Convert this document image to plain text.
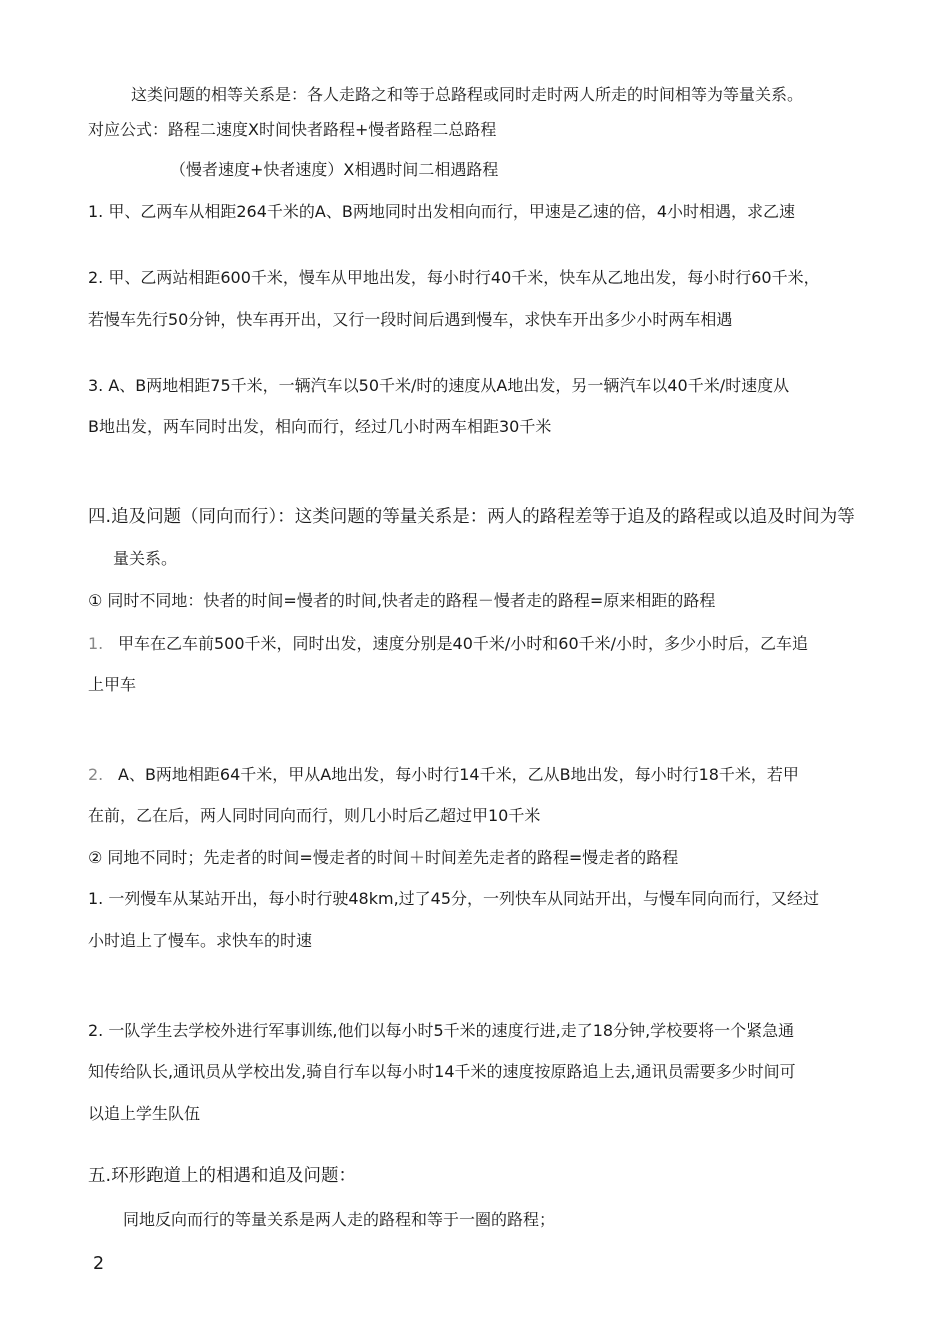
这类问题的相等关系是：各人走路之和等于总路程或同时走时两人所走的时间相等为等量关系。
对应公式：路程二速度X时间快者路程+慢者路程二总路程
（慢者速度+快者速度）X相遇时间二相遇路程
1. 甲、乙两车从相距264千米的A、B两地同时出发相向而行，甲速是乙速的倍，4小时相遇，求乙速
2. 甲、乙两站相距600千米，慢车从甲地出发，每小时行40千米，快车从乙地出发，每小时行60千米，
若慢车先行50分钟，快车再开出，又行一段时间后遇到慢车，求快车开出多少小时两车相遇
3. A、B两地相距75千米，一辆汽车以50千米/时的速度从A地出发，另一辆汽车以40千米/时速度从
B地出发，两车同时出发，相向而行，经过几小时两车相距30千米
四.追及问题（同向而行）：这类问题的等量关系是：两人的路程差等于追及的路程或以追及时间为等
量关系。
① 同时不同地：快者的时间=慢者的时间,快者走的路程－慢者走的路程=原来相距的路程
1. 甲车在乙车前500千米，同时出发，速度分别是40千米/小时和60千米/小时，多少小时后，乙车追
上甲车
2. A、B两地相距64千米，甲从A地出发，每小时行14千米，乙从B地出发，每小时行18千米，若甲
在前，乙在后，两人同时同向而行，则几小时后乙超过甲10千米
② 同地不同时；先走者的时间=慢走者的时间＋时间差先走者的路程=慢走者的路程
1. 一列慢车从某站开出，每小时行驶48km,过了45分，一列快车从同站开出，与慢车同向而行，又经过
小时追上了慢车。求快车的时速
2. 一队学生去学校外进行军事训练,他们以每小时5千米的速度行进,走了18分钟,学校要将一个紧急通
知传给队长,通讯员从学校出发,骑自行车以每小时14千米的速度按原路追上去,通讯员需要多少时间可
以追上学生队伍
五.环形跑道上的相遇和追及问题：
同地反向而行的等量关系是两人走的路程和等于一圈的路程；
2
